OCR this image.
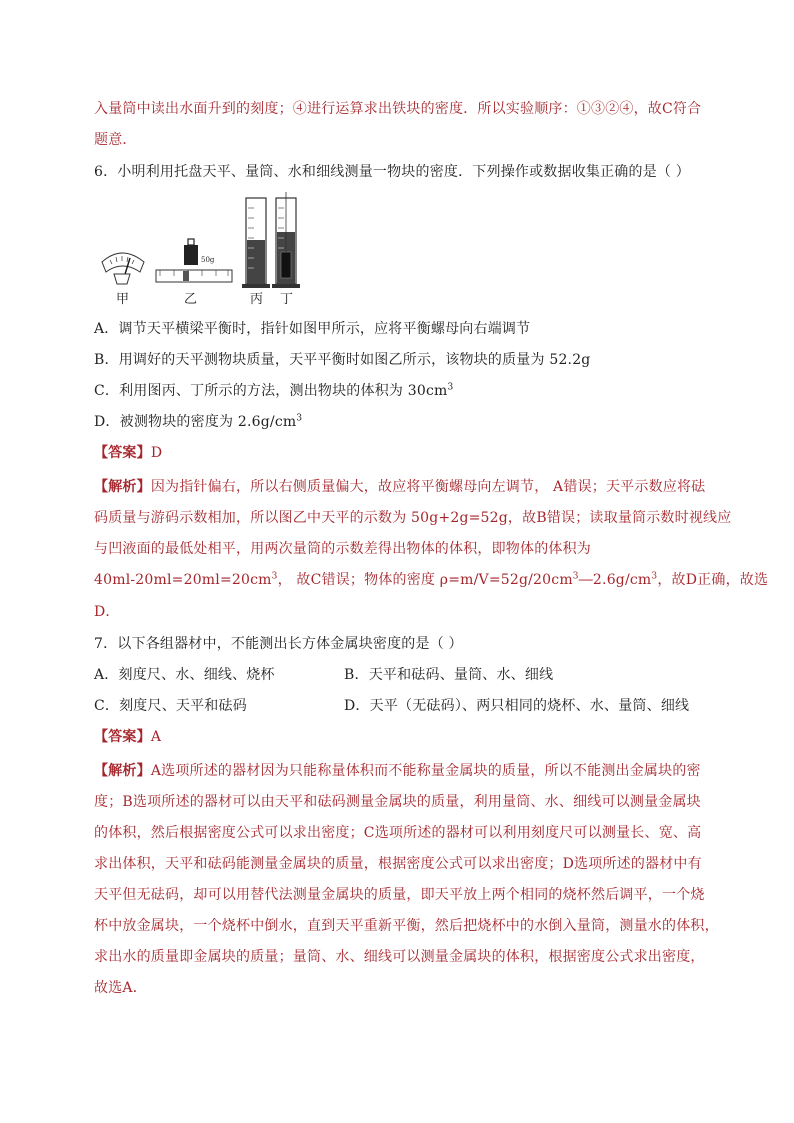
入量筒中读出水面升到的刻度；④进行运算求出铁块的密度．所以实验顺序：①③②④，故C符合
题意．
6．小明利用托盘天平、量筒、水和细线测量一物块的密度．下列操作或数据收集正确的是（ ）
50g
甲	乙	丙 丁
A．调节天平横梁平衡时，指针如图甲所示，应将平衡螺母向右端调节
B．用调好的天平测物块质量，天平平衡时如图乙所示，该物块的质量为 52.2g
C．利用图丙、丁所示的方法，测出物块的体积为 $30cm^3$
D．被测物块的密度为 $2.6g/cm^3$
【答案】D
【解析】因为指针偏右，所以右侧质量偏大，故应将平衡螺母向左调节， A错误；天平示数应将砝
码质量与游码示数相加，所以图乙中天平的示数为 50g+2g=52g，故B错误；读取量筒示数时视线应
与凹液面的最低处相平，用两次量筒的示数差得出物体的体积，即物体的体积为
$40ml-20ml=20ml=20cm^3$， 故C错误；物体的密度 $\rho=m/V=52g/20cm^3―2.6g/cm^3$，故D正确，故选
D．
7．以下各组器材中，不能测出长方体金属块密度的是（ ）
A．刻度尺、水、细线、烧杯	B．天平和砝码、量筒、水、细线
C．刻度尺、天平和砝码	D．天平（无砝码）、两只相同的烧杯、水、量筒、细线
【答案】A
【解析】A选项所述的器材因为只能称量体积而不能称量金属块的质量，所以不能测出金属块的密
度；B选项所述的器材可以由天平和砝码测量金属块的质量，利用量筒、水、细线可以测量金属块
的体积，然后根据密度公式可以求出密度；C选项所述的器材可以利用刻度尺可以测量长、宽、高
求出体积，天平和砝码能测量金属块的质量，根据密度公式可以求出密度；D选项所述的器材中有
天平但无砝码，却可以用替代法测量金属块的质量，即天平放上两个相同的烧杯然后调平，一个烧
杯中放金属块，一个烧杯中倒水，直到天平重新平衡，然后把烧杯中的水倒入量筒，测量水的体积，
求出水的质量即金属块的质量；量筒、水、细线可以测量金属块的体积，根据密度公式求出密度，
故选A．
